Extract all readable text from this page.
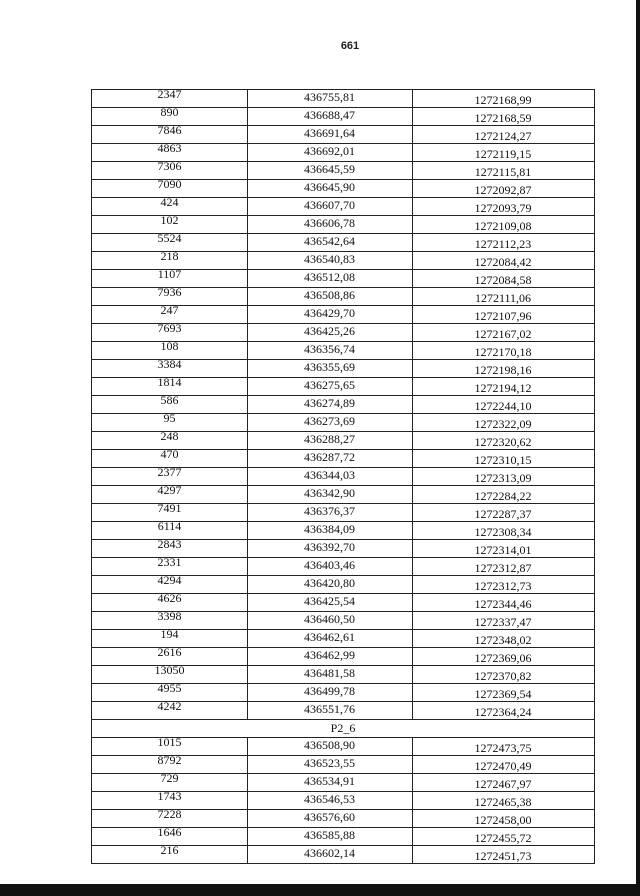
661
2347	436755,81	1272168,99
890	436688,47	1272168,59
7846	436691,64	1272124,27
4863	436692,01	1272119,15
7306	436645,59	1272115,81
7090	436645,90	1272092,87
424	436607,70	1272093,79
102	436606,78	1272109,08
5524	436542,64	1272112,23
218	436540,83	1272084,42
1107	436512,08	1272084,58
7936	436508,86	1272111,06
247	436429,70	1272107,96
7693	436425,26	1272167,02
108	436356,74	1272170,18
3384	436355,69	1272198,16
1814	436275,65	1272194,12
586	436274,89	1272244,10
95	436273,69	1272322,09
248	436288,27	1272320,62
470	436287,72	1272310,15
2377	436344,03	1272313,09
4297	436342,90	1272284,22
7491	436376,37	1272287,37
6114	436384,09	1272308,34
2843	436392,70	1272314,01
2331	436403,46	1272312,87
4294	436420,80	1272312,73
4626	436425,54	1272344,46
3398	436460,50	1272337,47
194	436462,61	1272348,02
2616	436462,99	1272369,06
13050	436481,58	1272370,82
4955	436499,78	1272369,54
4242	436551,76	1272364,24
P2_6
1015	436508,90	1272473,75
8792	436523,55	1272470,49
729	436534,91	1272467,97
1743	436546,53	1272465,38
7228	436576,60	1272458,00
1646	436585,88	1272455,72
216	436602,14	1272451,73
